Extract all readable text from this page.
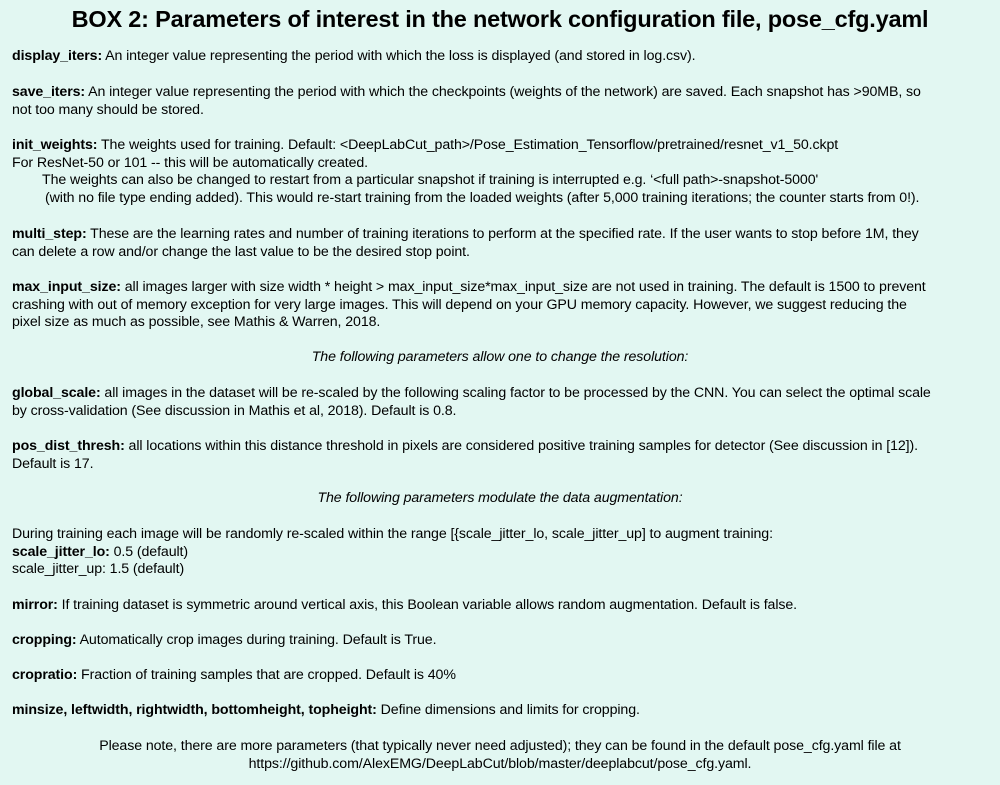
BOX 2: Parameters of interest in the network configuration file, pose_cfg.yaml
display_iters: An integer value representing the period with which the loss is displayed (and stored in log.csv).
save_iters: An integer value representing the period with which the checkpoints (weights of the network) are saved. Each snapshot has >90MB, so
not too many should be stored.
init_weights: The weights used for training. Default: <DeepLabCut_path>/Pose_Estimation_Tensorflow/pretrained/resnet_v1_50.ckpt
For ResNet-50 or 101 -- this will be automatically created.
The weights can also be changed to restart from a particular snapshot if training is interrupted e.g. ‘<full path>-snapshot-5000'
(with no file type ending added). This would re-start training from the loaded weights (after 5,000 training iterations; the counter starts from 0!).
multi_step: These are the learning rates and number of training iterations to perform at the specified rate. If the user wants to stop before 1M, they
can delete a row and/or change the last value to be the desired stop point.
max_input_size: all images larger with size width * height > max_input_size*max_input_size are not used in training. The default is 1500 to prevent
crashing with out of memory exception for very large images. This will depend on your GPU memory capacity. However, we suggest reducing the
pixel size as much as possible, see Mathis & Warren, 2018.
The following parameters allow one to change the resolution:
global_scale: all images in the dataset will be re-scaled by the following scaling factor to be processed by the CNN. You can select the optimal scale
by cross-validation (See discussion in Mathis et al, 2018). Default is 0.8.
pos_dist_thresh: all locations within this distance threshold in pixels are considered positive training samples for detector (See discussion in [12]).
Default is 17.
The following parameters modulate the data augmentation:
During training each image will be randomly re-scaled within the range [{scale_jitter_lo, scale_jitter_up] to augment training:
scale_jitter_lo: 0.5 (default)
scale_jitter_up: 1.5 (default)
mirror: If training dataset is symmetric around vertical axis, this Boolean variable allows random augmentation. Default is false.
cropping: Automatically crop images during training. Default is True.
cropratio: Fraction of training samples that are cropped. Default is 40%
minsize, leftwidth, rightwidth, bottomheight, topheight: Define dimensions and limits for cropping.
Please note, there are more parameters (that typically never need adjusted); they can be found in the default pose_cfg.yaml file at
https://github.com/AlexEMG/DeepLabCut/blob/master/deeplabcut/pose_cfg.yaml.
